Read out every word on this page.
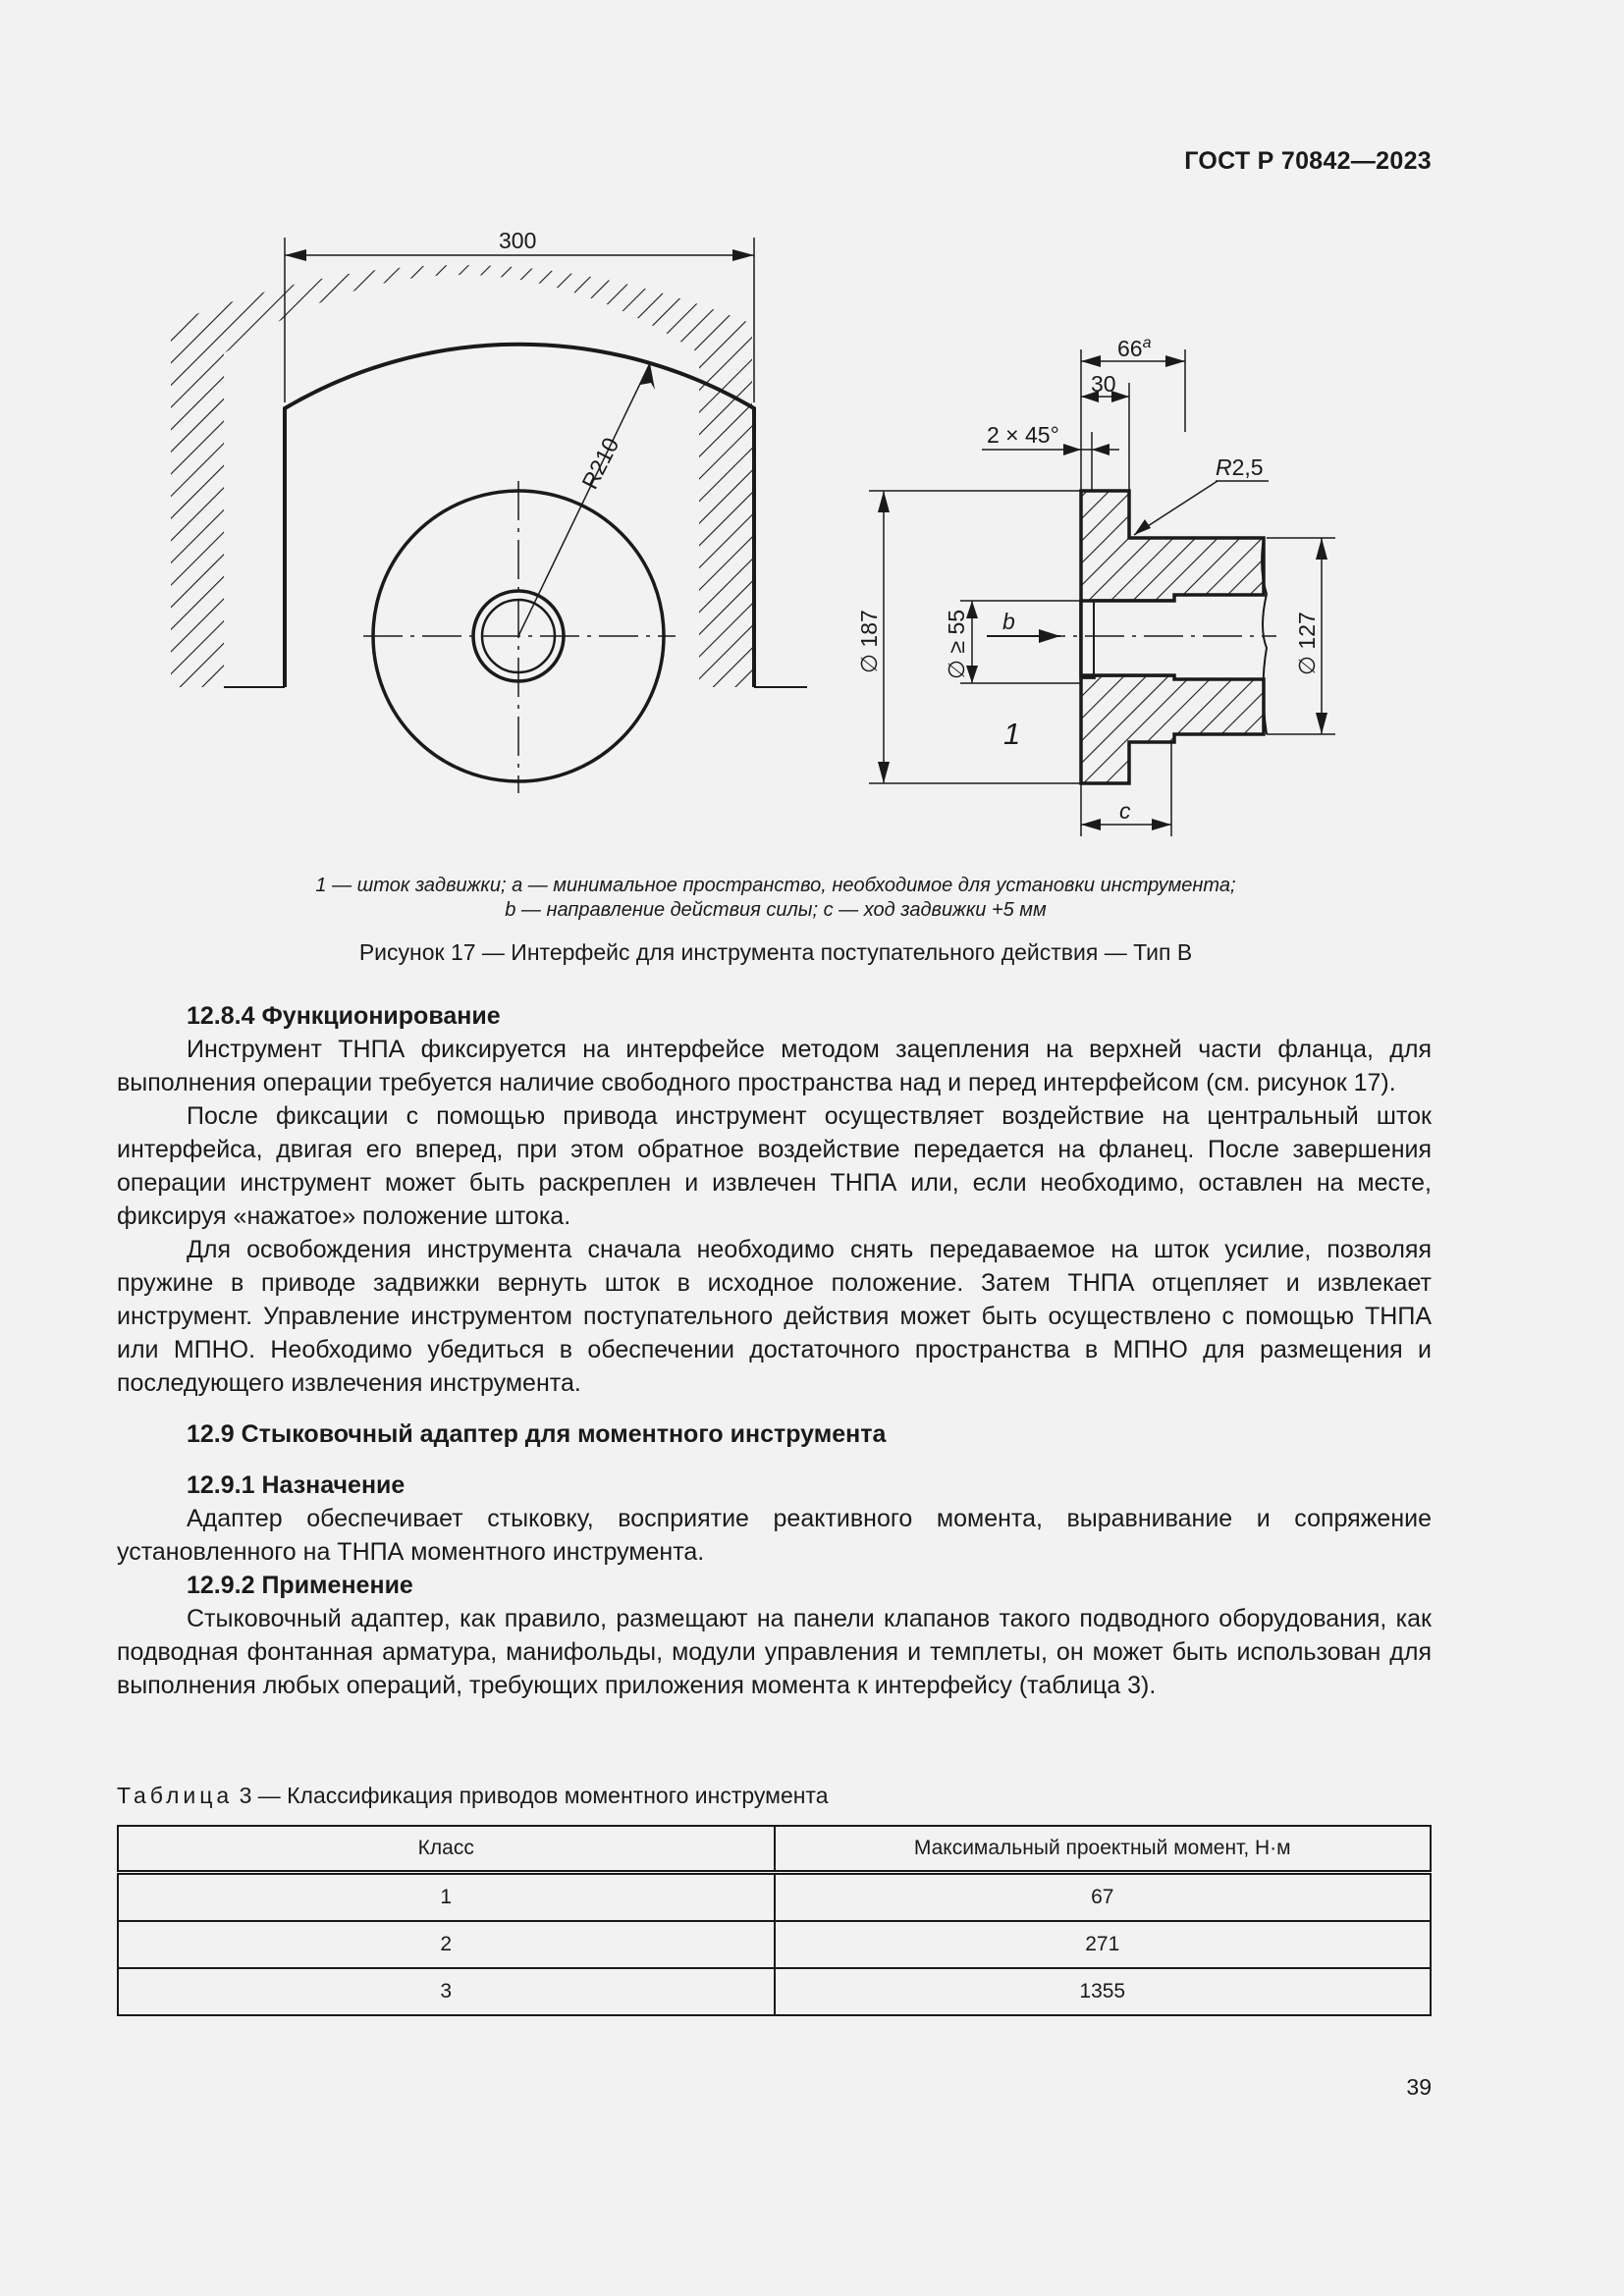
ГОСТ Р 70842—2023
300
R210
66$^a$
30
2 × 45°
R2,5
∅ 187	∅ ≥ 55	∅ 127
b
c
1
1 — шток задвижки; a — минимальное пространство, необходимое для установки инструмента;
b — направление действия силы; c — ход задвижки +5 мм
Рисунок 17 — Интерфейс для инструмента поступательного действия — Тип В
12.8.4 Функционирование

Инструмент ТНПА фиксируется на интерфейсе методом зацепления на верхней части фланца, для выполнения операции требуется наличие свободного пространства над и перед интерфейсом (см. рисунок 17).

После фиксации с помощью привода инструмент осуществляет воздействие на центральный шток интерфейса, двигая его вперед, при этом обратное воздействие передается на фланец. После завершения операции инструмент может быть раскреплен и извлечен ТНПА или, если необходимо, оставлен на месте, фиксируя «нажатое» положение штока.

Для освобождения инструмента сначала необходимо снять передаваемое на шток усилие, позволяя пружине в приводе задвижки вернуть шток в исходное положение. Затем ТНПА отцепляет и извлекает инструмент. Управление инструментом поступательного действия может быть осуществлено с помощью ТНПА или МПНО. Необходимо убедиться в обеспечении достаточного пространства в МПНО для размещения и последующего извлечения инструмента.

12.9 Стыковочный адаптер для моментного инструмента
12.9.1 Назначение

Адаптер обеспечивает стыковку, восприятие реактивного момента, выравнивание и сопряжение установленного на ТНПА моментного инструмента.

12.9.2 Применение

Стыковочный адаптер, как правило, размещают на панели клапанов такого подводного оборудования, как подводная фонтанная арматура, манифольды, модули управления и темплеты, он может быть использован для выполнения любых операций, требующих приложения момента к интерфейсу (таблица 3).

Таблица 3 — Классификация приводов моментного инструмента
Класс	Максимальный проектный момент, Н·м
1	67
2	271
3	1355
39
